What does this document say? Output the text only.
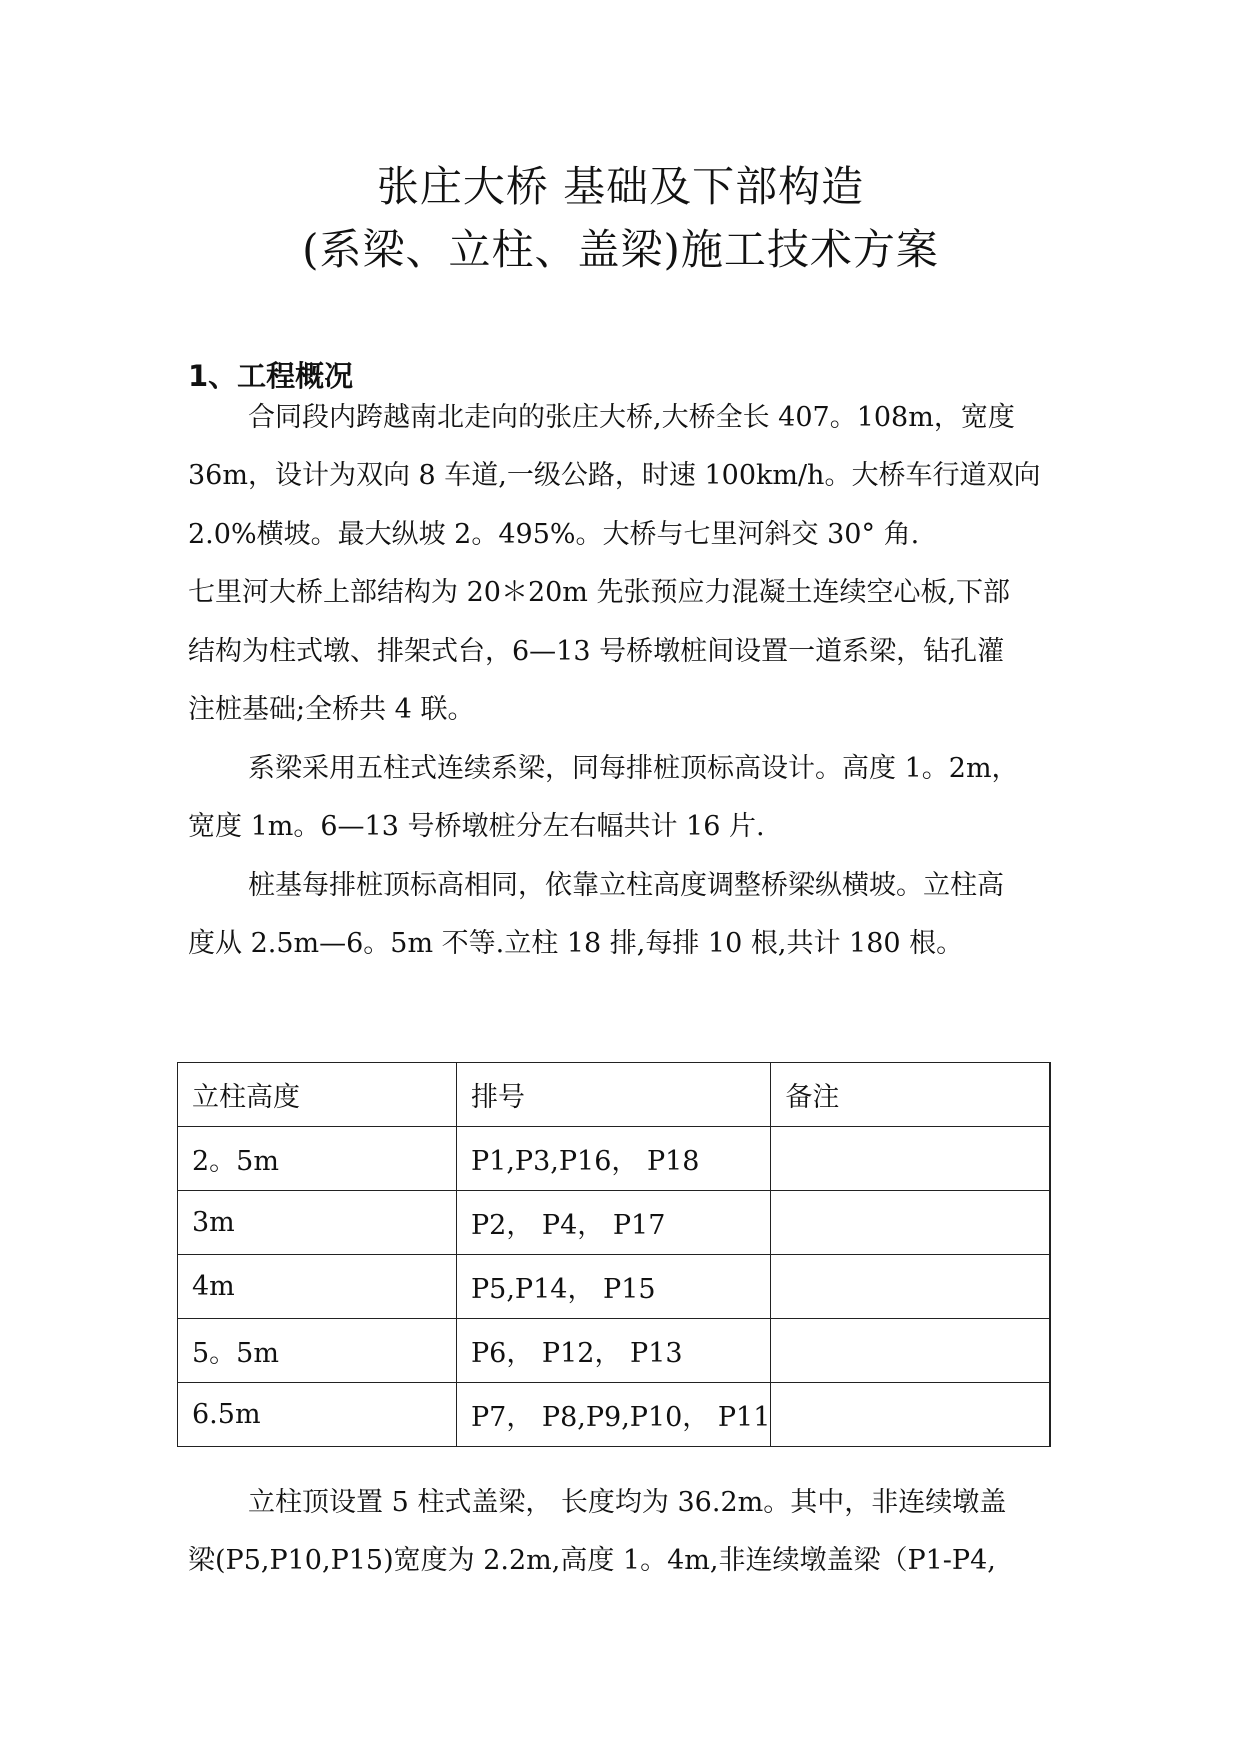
张庄大桥 基础及下部构造
(系梁、立柱、盖梁)施工技术方案
1、工程概况

合同段内跨越南北走向的张庄大桥,大桥全长 407。108m，宽度

36m，设计为双向 8 车道,一级公路，时速 100km/h。大桥车行道双向

2.0%横坡。最大纵坡 2。495%。大桥与七里河斜交 30° 角.

七里河大桥上部结构为 20＊20m 先张预应力混凝土连续空心板,下部

结构为柱式墩、排架式台，6—13 号桥墩桩间设置一道系梁，钻孔灌

注桩基础;全桥共 4 联。

系梁采用五柱式连续系梁，同每排桩顶标高设计。高度 1。2m，

宽度 1m。6—13 号桥墩桩分左右幅共计 16 片.

桩基每排桩顶标高相同，依靠立柱高度调整桥梁纵横坡。立柱高

度从 2.5m—6。5m 不等.立柱 18 排,每排 10 根,共计 180 根。

立柱高度	排号	备注
2。5m	P1,P3,P16， P18	
3m	P2， P4， P17	
4m	P5,P14， P15	
5。5m	P6， P12， P13	
6.5m	P7， P8,P9,P10， P11	

立柱顶设置 5 柱式盖梁， 长度均为 36.2m。其中，非连续墩盖

梁(P5,P10,P15)宽度为 2.2m,高度 1。4m,非连续墩盖梁（P1-P4,
